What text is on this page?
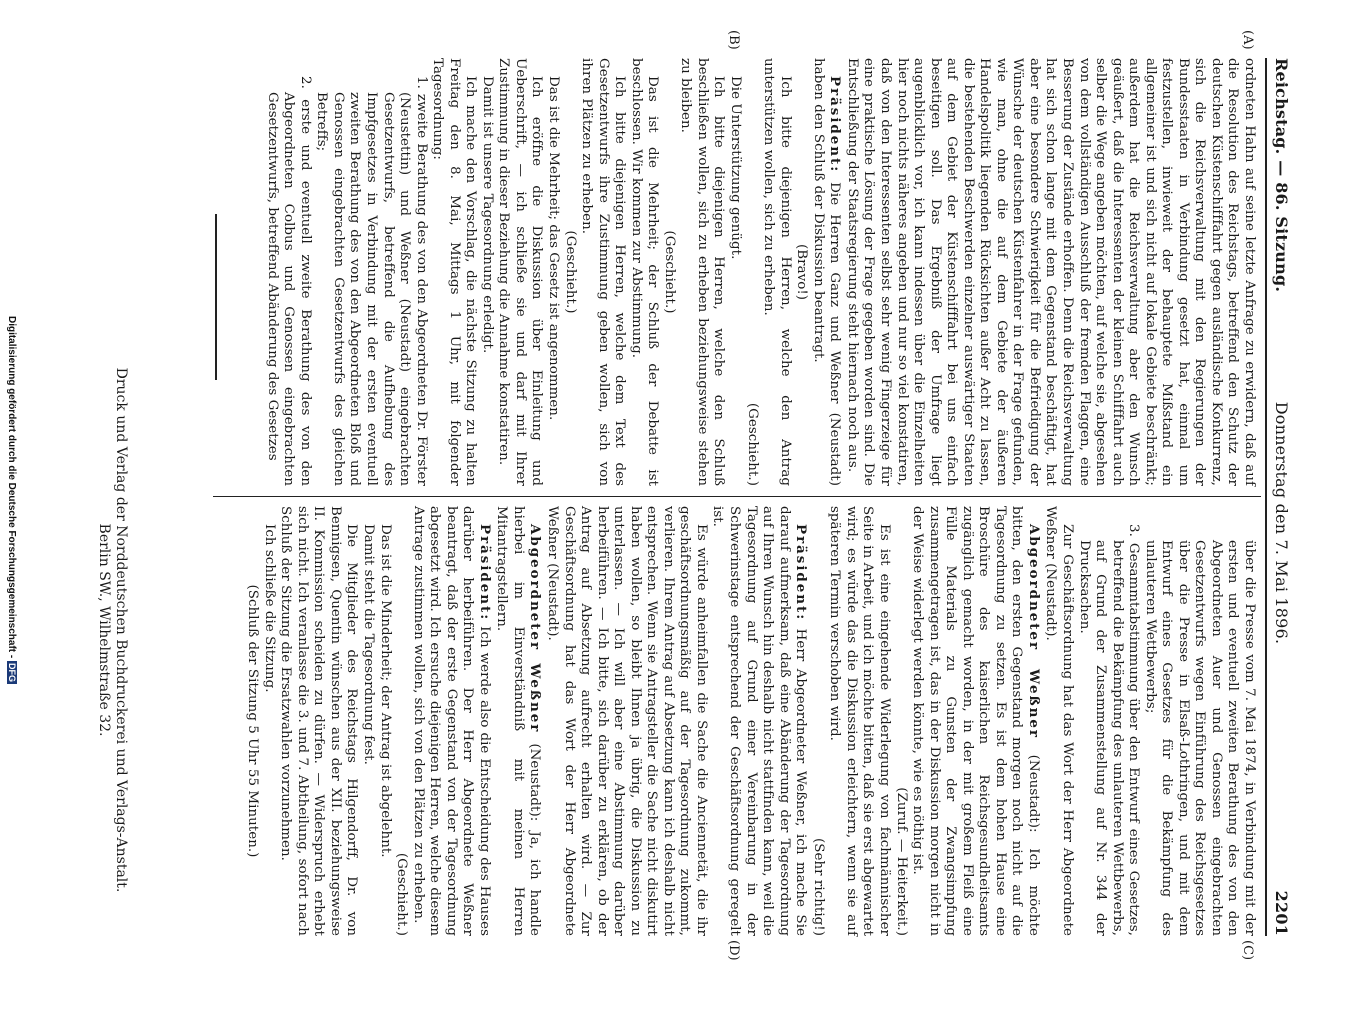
Reichstag. — 86. Sitzung.
Donnerstag den 7. Mai 1896.
2201
(A)
(B)
(C)
(D)

ordneten Hahn auf seine letzte Anfrage zu erwidern, daß auf die Resolution des Reichstags, betreffend den Schutz der deutschen Küstenschifffahrt gegen ausländische Konkurrenz, sich die Reichsverwaltung mit den Regierungen der Bundesstaaten in Verbindung gesetzt hat, einmal um festzustellen, inwieweit der behauptete Mißstand ein allgemeiner ist und sich nicht auf lokale Gebiete beschränkt; außerdem hat die Reichsverwaltung aber den Wunsch geäußert, daß die Interessenten der kleinen Schifffahrt auch selber die Wege angeben möchten, auf welche sie, abgesehen von dem vollständigen Ausschluß der fremden Flaggen, eine Besserung der Zustände erhoffen. Denn die Reichsverwaltung hat sich schon lange mit dem Gegenstand beschäftigt, hat aber eine besondere Schwierigkeit für die Befriedigung der Wünsche der deutschen Küstenfahrer in der Frage gefunden, wie man, ohne die auf dem Gebiete der äußeren Handelspolitik liegenden Rücksichten außer Acht zu lassen, die bestehenden Beschwerden einzelner auswärtiger Staaten auf dem Gebiet der Küstenschifffahrt bei uns einfach beseitigen soll. Das Ergebniß der Umfrage liegt augenblicklich vor, ich kann indessen über die Einzelheiten hier noch nichts näheres angeben und nur so viel konstatiren, daß von den Interessenten selbst sehr wenig Fingerzeige für eine praktische Lösung der Frage gegeben worden sind. Die Entschließung der Staatsregierung steht hiernach noch aus.

Präsident: Die Herren Ganz und Weßner (Neustadt) haben den Schluß der Diskussion beantragt.

(Bravo!)

Ich bitte diejenigen Herren, welche den Antrag unterstützen wollen, sich zu erheben.

(Geschieht.)

Die Unterstützung genügt.

Ich bitte diejenigen Herren, welche den Schluß beschließen wollen, sich zu erheben beziehungsweise stehen zu bleiben.

(Geschieht.)

Das ist die Mehrheit; der Schluß der Debatte ist beschlossen. Wir kommen zur Abstimmung.

Ich bitte diejenigen Herren, welche dem Text des Gesetzentwurfs ihre Zustimmung geben wollen, sich von ihren Plätzen zu erheben.

(Geschieht.)

Das ist die Mehrheit; das Gesetz ist angenommen.

Ich eröffne die Diskussion über Einleitung und Ueberschrift, — ich schließe sie und darf mit Ihrer Zustimmung in dieser Beziehung die Annahme konstatiren.

Damit ist unsere Tagesordnung erledigt.

Ich mache den Vorschlag, die nächste Sitzung zu halten Freitag den 8. Mai, Mittags 1 Uhr, mit folgender Tagesordnung:

1. zweite Berathung des von den Abgeordneten Dr. Förster (Neustettin) und Weßner (Neustadt) eingebrachten Gesetzentwurfs, betreffend die Aufhebung des Impfgesetzes in Verbindung mit der ersten eventuell zweiten Berathung des von den Abgeordneten Bloß und Genossen eingebrachten Gesetzentwurfs des gleichen Betreffs;

2. erste und eventuell zweite Berathung des von den Abgeordneten Colbus und Genossen eingebrachten Gesetzentwurfs, betreffend Abänderung des Gesetzes

über die Presse vom 7. Mai 1874, in Verbindung mit der ersten und eventuell zweiten Berathung des von den Abgeordneten Auer und Genossen eingebrachten Gesetzentwurfs wegen Einführung des Reichsgesetzes über die Presse in Elsaß-Lothringen, und mit dem Entwurf eines Gesetzes für die Bekämpfung des unlauteren Wettbewerbs;

3. Gesammtabstimmung über den Entwurf eines Gesetzes, betreffend die Bekämpfung des unlauteren Wettbewerbs, auf Grund der Zusammenstellung auf Nr. 344 der Drucksachen.

Zur Geschäftsordnung hat das Wort der Herr Abgeordnete Weßner (Neustadt).

Abgeordneter Weßner (Neustadt): Ich möchte bitten, den ersten Gegenstand morgen noch nicht auf die Tagesordnung zu setzen. Es ist dem hohen Hause eine Broschüre des kaiserlichen Reichsgesundheitsamts zugänglich gemacht worden, in der mit großem Fleiß eine Fülle Materials zu Gunsten der Zwangsimpfung zusammengetragen ist, das in der Diskussion morgen nicht in der Weise widerlegt werden könnte, wie es nöthig ist.

(Zuruf. — Heiterkeit.)

Es ist eine eingehende Widerlegung von fachmännischer Seite in Arbeit, und ich möchte bitten, daß sie erst abgewartet wird; es würde das die Diskussion erleichtern, wenn sie auf späteren Termin verschoben wird.

(Sehr richtig!)

Präsident: Herr Abgeordneter Weßner, ich mache Sie darauf aufmerksam, daß eine Abänderung der Tagesordnung auf Ihren Wunsch hin deshalb nicht stattfinden kann, weil die Tagesordnung auf Grund einer Vereinbarung in der Schwerinstage entsprechend der Geschäftsordnung geregelt ist.

Es würde anheimfallen die Sache die Anciennetät, die ihr geschäftsordnungsmäßig auf der Tagesordnung zukommt, verlieren. Ihrem Antrag auf Absetzung kann ich deshalb nicht entsprechen. Wenn sie Antragsteller die Sache nicht diskutirt haben wollen, so bleibt Ihnen ja übrig, die Diskussion zu unterlassen. — Ich will aber eine Abstimmung darüber herbeiführen. — Ich bitte, sich darüber zu erklären, ob der Antrag auf Absetzung aufrecht erhalten wird. — Zur Geschäftsordnung hat das Wort der Herr Abgeordnete Weßner (Neustadt).

Abgeordneter Weßner (Neustadt): Ja, ich handle hierbei im Einverständniß mit meinen Herren Mitantragstellern.

Präsident: Ich werde also die Entscheidung des Hauses darüber herbeiführen. Der Herr Abgeordnete Weßner beantragt, daß der erste Gegenstand von der Tagesordnung abgesetzt wird. Ich ersuche diejenigen Herren, welche diesem Antrage zustimmen wollen, sich von den Plätzen zu erheben.

(Geschieht.)

Das ist die Minderheit; der Antrag ist abgelehnt.

Damit steht die Tagesordnung fest.

Die Mitglieder des Reichstags Hilgendorff, Dr. von Bennigsen, Quentin wünschen aus der XII. beziehungsweise II. Kommission scheiden zu dürfen. — Widerspruch erhebt sich nicht. Ich veranlasse die 3. und 7. Abtheilung, sofort nach Schluß der Sitzung die Ersatzwahlen vorzunehmen.

Ich schließe die Sitzung.

(Schluß der Sitzung 5 Uhr 55 Minuten.)

Druck und Verlag der Norddeutschen Buchdruckerei und Verlags-Anstalt.
Berlin SW., Wilhelmstraße 32.
Digitalisierung gefördert durch die Deutsche Forschungsgemeinschaft - DFG
